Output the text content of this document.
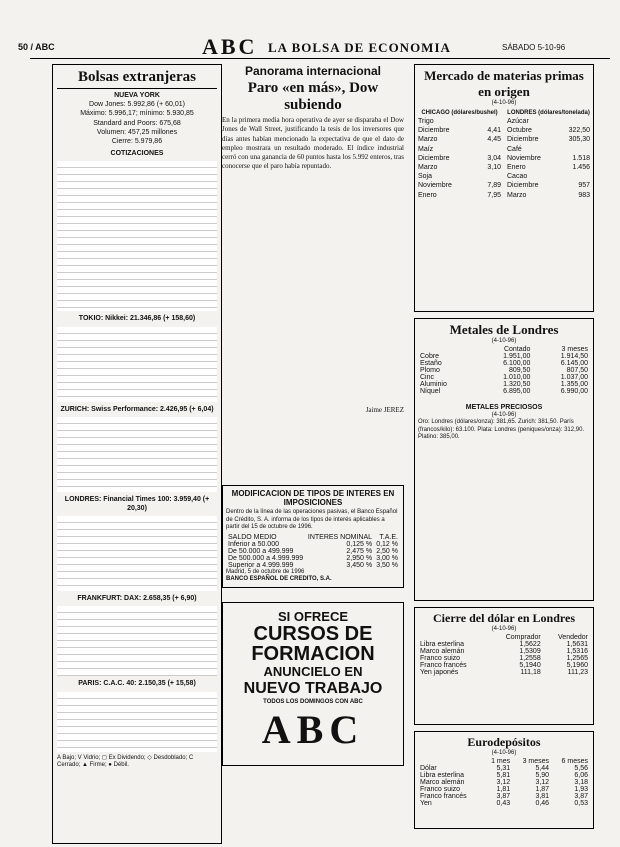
50 / ABC	ABC LA BOLSA DE ECONOMIA	SÁBADO 5-10-96
Bolsas extranjeras
NUEVA YORK
Dow Jones: 5.992,86 (+ 60,01)
Máximo: 5.996,17; mínimo: 5.930,85
Standard and Poors: 675,68
Volumen: 457,25 millones
Cierre: 5.979,86
COTIZACIONES
TOKIO: Nikkei: 21.346,86 (+ 158,60)
ZURICH: Swiss Performance: 2.426,95 (+ 6,04)
LONDRES: Financial Times 100: 3.959,40 (+ 20,30)
FRANKFURT: DAX: 2.658,35 (+ 6,90)
PARIS: C.A.C. 40: 2.150,35 (+ 15,58)
A Bajo; V Vidrio; ◻ Ex Dividendo; ◇ Desdoblado; C Cerrado; ▲ Firme; ● Débil.
Panorama internacional
Paro «en más», Dow subiendo
En la primera media hora operativa de ayer se disparaba el Dow Jones de Wall Street, justificando la tesis de los inversores que días antes habían mencionado la expectativa de que el dato de empleo mostrara un resultado moderado. El índice industrial cerró con una ganancia de 60 puntos hasta los 5.992 enteros, tras conocerse que el paro había repuntado.
Jaime JEREZ
MODIFICACION DE TIPOS DE INTERES EN IMPOSICIONES
Dentro de la línea de las operaciones pasivas, el Banco Español de Crédito, S. A. informa de los tipos de interés aplicables a partir del 15 de octubre de 1996.
SALDO MEDIO	INTERES NOMINAL	T.A.E.
Inferior a 50.000	0,125 %	0,12 %
De 50.000 a 499.999	2,475 %	2,50 %
De 500.000 a 4.999.999	2,950 %	3,00 %
Superior a 4.999.999	3,450 %	3,50 %
Madrid, 5 de octubre de 1996
BANCO ESPAÑOL DE CREDITO, S.A.
SI OFRECE
CURSOS DE
FORMACION
ANUNCIELO EN
NUEVO TRABAJO
TODOS LOS DOMINGOS CON ABC
ABC
Mercado de materias primas en origen
(4-10-96)
CHICAGO (dólares/bushel)
Trigo
Diciembre	4,41
Marzo	4,45
Maíz
Diciembre	3,04
Marzo	3,10
Soja
Noviembre	7,89
Enero	7,95
LONDRES (dólares/tonelada)
Azúcar
Octubre	322,50
Diciembre	305,30
Café
Noviembre	1.518
Enero	1.456
Cacao
Diciembre	957
Marzo	983
Metales de Londres
(4-10-96)
	Contado	3 meses
Cobre	1.951,00	1.914,50
Estaño	6.100,00	6.145,00
Plomo	809,50	807,50
Cinc	1.010,00	1.037,00
Aluminio	1.320,50	1.355,00
Níquel	6.895,00	6.990,00
METALES PRECIOSOS
(4-10-96)
Oro: Londres (dólares/onza): 381,65. Zurich: 381,50. París (francos/kilo): 63.100. Plata: Londres (peniques/onza): 312,90. Platino: 385,00.
Cierre del dólar en Londres
(4-10-96)
	Comprador	Vendedor
Libra esterlina	1,5622	1,5631
Marco alemán	1,5309	1,5316
Franco suizo	1,2558	1,2565
Franco francés	5,1940	5,1960
Yen japonés	111,18	111,23
Eurodepósitos
(4-10-96)
	1 mes	3 meses	6 meses
Dólar	5,31	5,44	5,56
Libra esterlina	5,81	5,90	6,06
Marco alemán	3,12	3,12	3,18
Franco suizo	1,81	1,87	1,93
Franco francés	3,87	3,81	3,87
Yen	0,43	0,46	0,53
